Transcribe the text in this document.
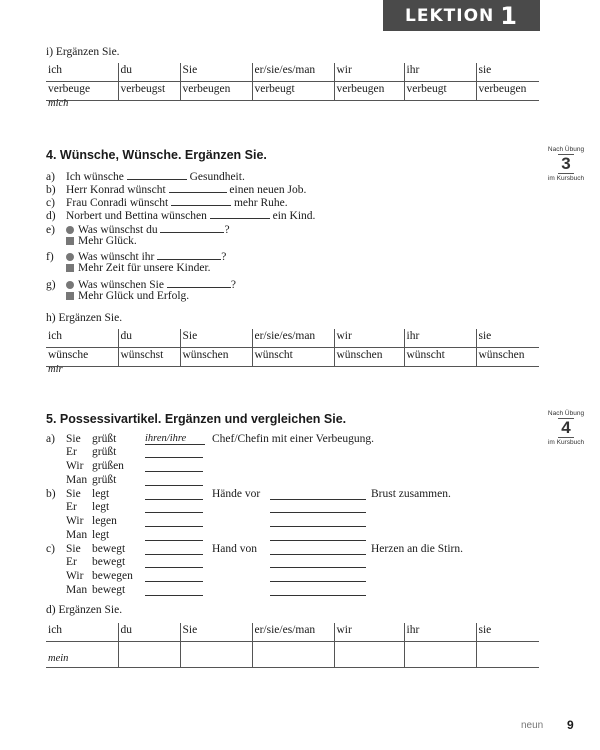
LEKTION 1
i) Ergänzen Sie.
ich	du	Sie	er/sie/es/man	wir	ihr	sie
verbeuge	verbeugst	verbeugen	verbeugt	verbeugen	verbeugt	verbeugen
mich
4. Wünsche, Wünsche. Ergänzen Sie.	Nach Übung
3
im Kursbuch
a) Ich wünsche	Gesundheit.
b) Herr Konrad wünscht	einen neuen Job.
c) Frau Conradi wünscht	mehr Ruhe.
d) Norbert und Bettina wünschen	ein Kind.
e) Was wünschst du	?
Mehr Glück.
f) Was wünscht ihr	?
Mehr Zeit für unsere Kinder.
g) Was wünschen Sie	?
Mehr Glück und Erfolg.
h) Ergänzen Sie.
ich	du	Sie	er/sie/es/man	wir	ihr	sie
wünsche	wünschst	wünschen	wünscht	wünschen	wünscht	wünschen
mir
5. Possessivartikel. Ergänzen und vergleichen Sie.	Nach Übung
4
im Kursbuch
a) Sie grüßt	ihren/ihre	Chef/Chefin mit einer Verbeugung.
Er grüßt
Wir grüßen
Man grüßt
b) Sie legt	Hände vor	Brust zusammen.
Er legt
Wir legen
Man legt
c) Sie bewegt	Hand von	Herzen an die Stirn.
Er bewegt
Wir bewegen
Man bewegt
d) Ergänzen Sie.
ich	du	Sie	er/sie/es/man	wir	ihr	sie
mein						
neun 9
